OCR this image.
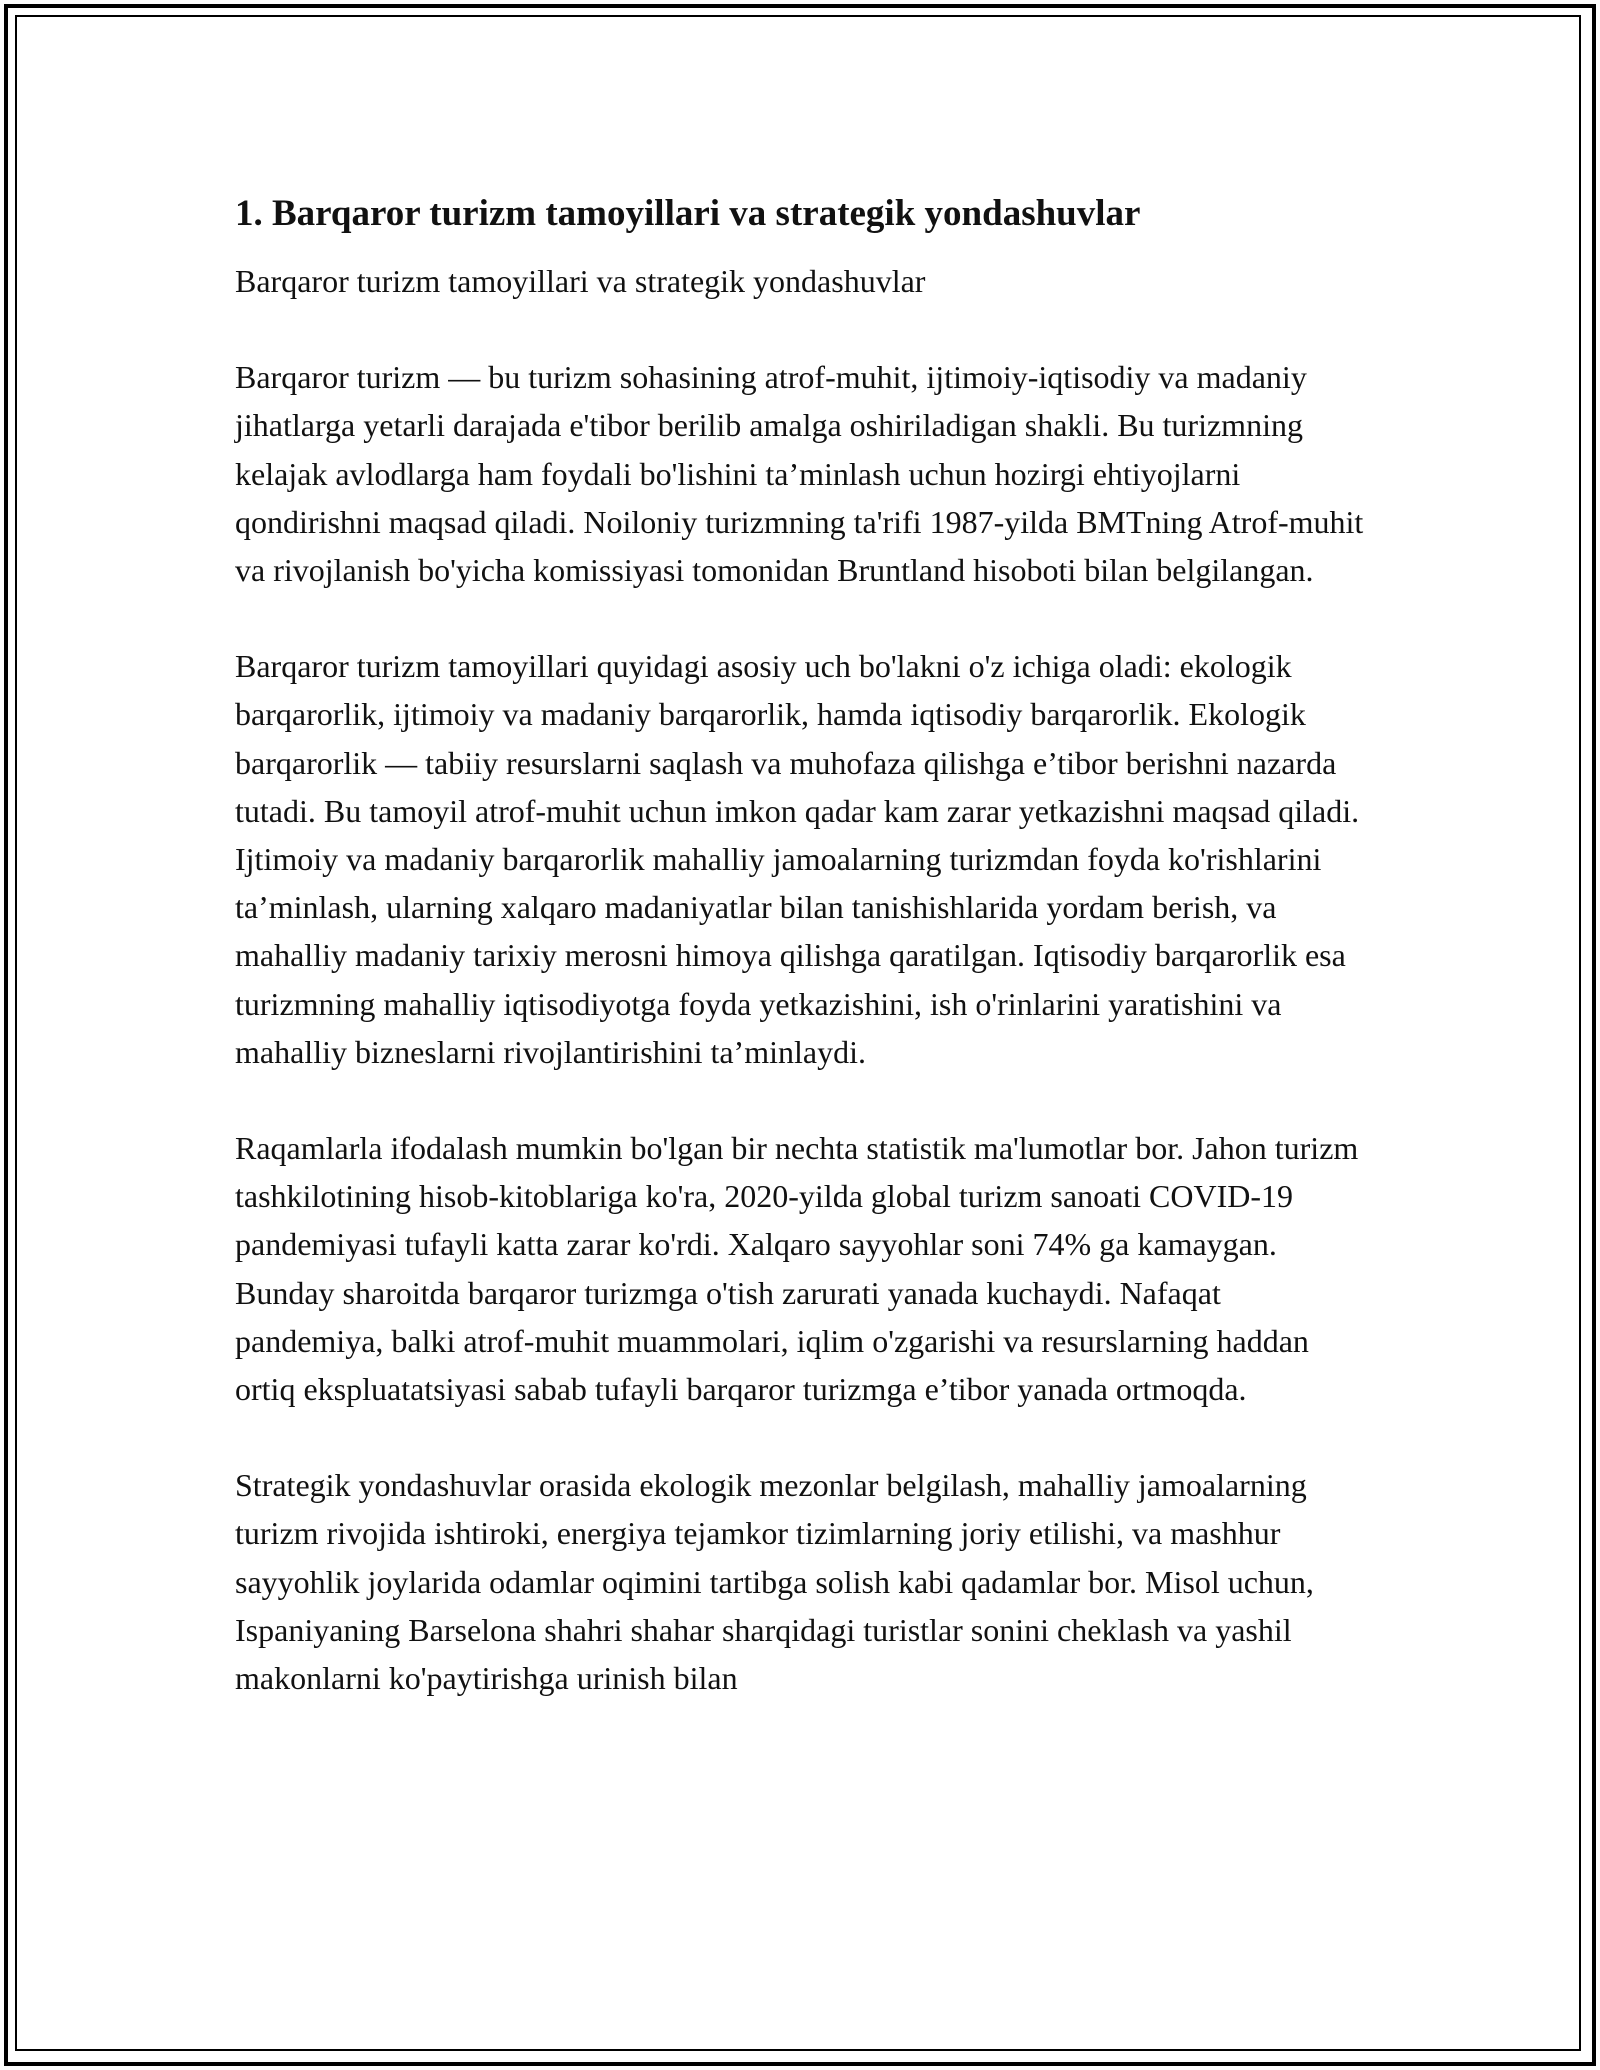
1. Barqaror turizm tamoyillari va strategik yondashuvlar

Barqaror turizm tamoyillari va strategik yondashuvlar

Barqaror turizm — bu turizm sohasining atrof-muhit, ijtimoiy-iqtisodiy va madaniy jihatlarga yetarli darajada e'tibor berilib amalga oshiriladigan shakli. Bu turizmning kelajak avlodlarga ham foydali bo'lishini ta’minlash uchun hozirgi ehtiyojlarni qondirishni maqsad qiladi. Noiloniy turizmning ta'rifi 1987-yilda BMTning Atrof-muhit va rivojlanish bo'yicha komissiyasi tomonidan Bruntland hisoboti bilan belgilangan.

Barqaror turizm tamoyillari quyidagi asosiy uch bo'lakni o'z ichiga oladi: ekologik barqarorlik, ijtimoiy va madaniy barqarorlik, hamda iqtisodiy barqarorlik. Ekologik barqarorlik — tabiiy resurslarni saqlash va muhofaza qilishga e’tibor berishni nazarda tutadi. Bu tamoyil atrof-muhit uchun imkon qadar kam zarar yetkazishni maqsad qiladi. Ijtimoiy va madaniy barqarorlik mahalliy jamoalarning turizmdan foyda ko'rishlarini ta’minlash, ularning xalqaro madaniyatlar bilan tanishishlarida yordam berish, va mahalliy madaniy tarixiy merosni himoya qilishga qaratilgan. Iqtisodiy barqarorlik esa turizmning mahalliy iqtisodiyotga foyda yetkazishini, ish o'rinlarini yaratishini va mahalliy bizneslarni rivojlantirishini ta’minlaydi.

Raqamlarla ifodalash mumkin bo'lgan bir nechta statistik ma'lumotlar bor. Jahon turizm tashkilotining hisob-kitoblariga ko'ra, 2020-yilda global turizm sanoati COVID-19 pandemiyasi tufayli katta zarar ko'rdi. Xalqaro sayyohlar soni 74% ga kamaygan. Bunday sharoitda barqaror turizmga o'tish zarurati yanada kuchaydi. Nafaqat pandemiya, balki atrof-muhit muammolari, iqlim o'zgarishi va resurslarning haddan ortiq ekspluatatsiyasi sabab tufayli barqaror turizmga e’tibor yanada ortmoqda.

Strategik yondashuvlar orasida ekologik mezonlar belgilash, mahalliy jamoalarning turizm rivojida ishtiroki, energiya tejamkor tizimlarning joriy etilishi, va mashhur sayyohlik joylarida odamlar oqimini tartibga solish kabi qadamlar bor. Misol uchun, Ispaniyaning Barselona shahri shahar sharqidagi turistlar sonini cheklash va yashil makonlarni ko'paytirishga urinish bilan
